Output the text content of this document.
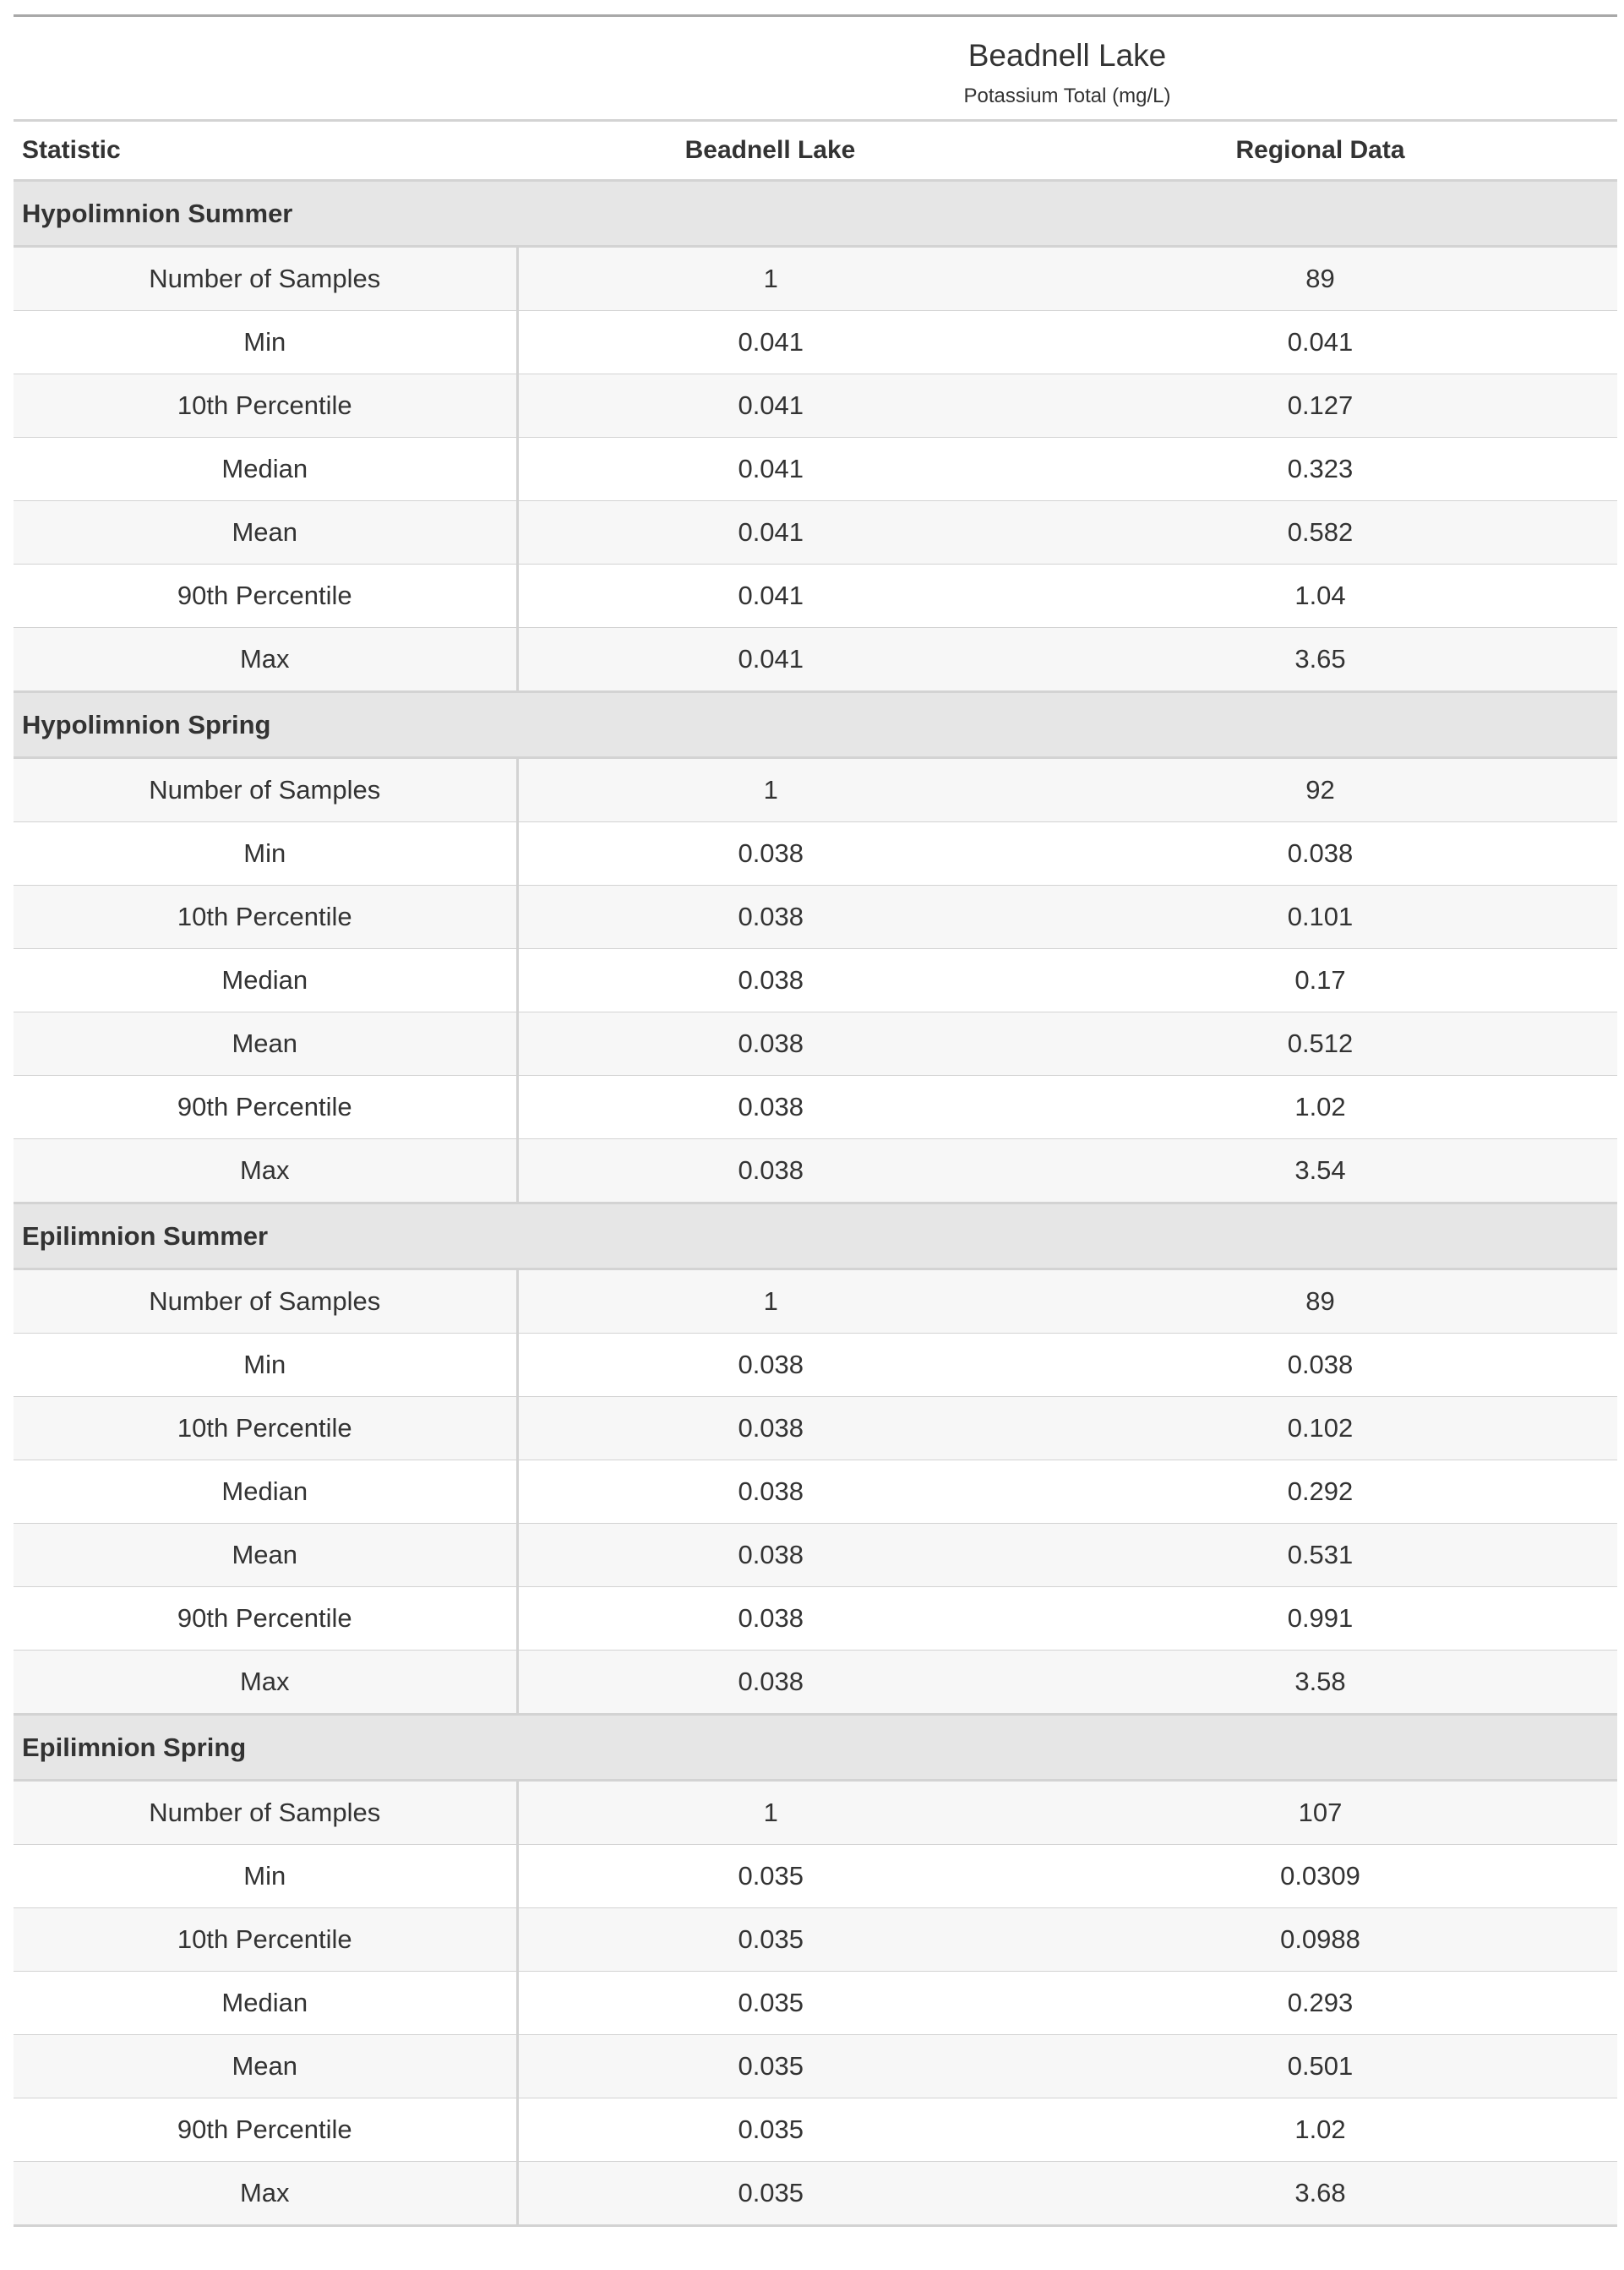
Beadnell Lake		

Potassium Total (mg/L)		

Statistic	Beadnell Lake	Regional Data
Hypolimnion Summer		
Number of Samples	1	89
Min	0.041	0.041
10th Percentile	0.041	0.127
Median	0.041	0.323
Mean	0.041	0.582
90th Percentile	0.041	1.04
Max	0.041	3.65
Hypolimnion Spring		
Number of Samples	1	92
Min	0.038	0.038
10th Percentile	0.038	0.101
Median	0.038	0.17
Mean	0.038	0.512
90th Percentile	0.038	1.02
Max	0.038	3.54
Epilimnion Summer		
Number of Samples	1	89
Min	0.038	0.038
10th Percentile	0.038	0.102
Median	0.038	0.292
Mean	0.038	0.531
90th Percentile	0.038	0.991
Max	0.038	3.58
Epilimnion Spring		
Number of Samples	1	107
Min	0.035	0.0309
10th Percentile	0.035	0.0988
Median	0.035	0.293
Mean	0.035	0.501
90th Percentile	0.035	1.02
Max	0.035	3.68
